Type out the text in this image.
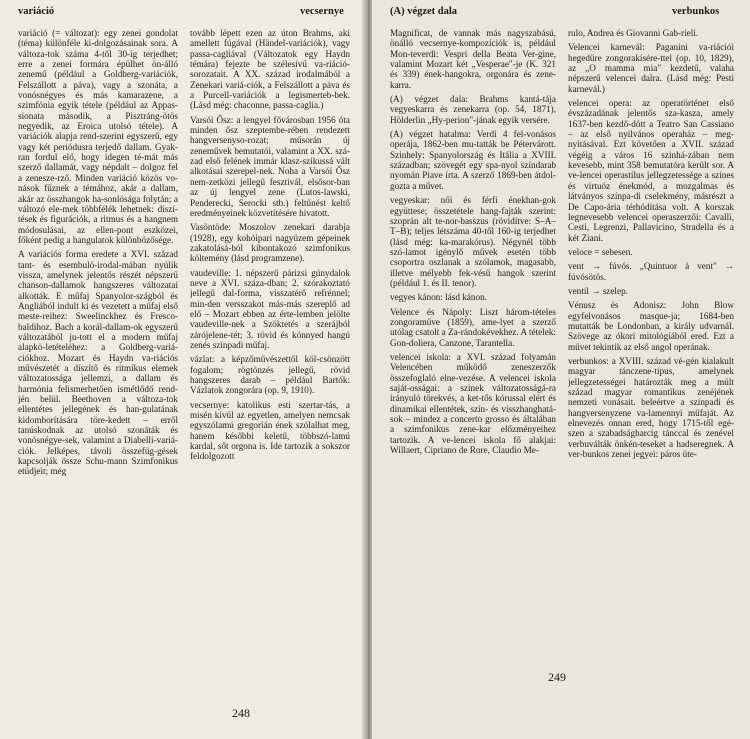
variáció	vecsernye

variáció (= változat): egy zenei gondolat (téma) különféle ki-dolgozásainak sora. A változa-tok száma 4-től 30-ig terjedhet; erre a zenei formára épülhet ön-álló zenemű (például a Goldberg-variációk, Felszállott a páva), vagy a szonáta, a vonósnégyes és más kamarazene, a szimfónia egyik tétele (például az Appas-sionata második, a Pisztráng-ötös negyedik, az Eroica utolsó tétele). A variációk alapja rend-szerint egyszerű, egy vagy két periódusra terjedő dallam. Gyak-ran fordul elő, hogy idegen té-mát más szerző dallamát, vagy népdalt – dolgoz fel a zenesze-rző. Minden variáció közös vo-nások fűznek a témához, akár a dallam, akár az összhangok ha-sonlósága folytán; a változó ele-mek többfélék lehetnek: díszí-tések és figurációk, a ritmus és a hangnem módosulásai, az ellen-pont eszközei, főként pedig a hangulatok különbözősége.

A variációs forma eredete a XVI. század tant- és esembuló-irodal-mában nyúlik vissza, amelynek jelentős részét népszerű chanson-dallamok hangszeres változatai alkották. E műfaj Spanyolor-szágból és Angliából indult ki és vezetett a műfaj első meste-reihez: Sweelinckhez és Fresco-baldihoz. Bach a korál-dallam-ok egyszerű változatából ju-tott el a modern műfaj alapkö-letételéhez: a Goldberg-variá-ciókhoz. Mozart és Haydn va-riációs művészetét a díszítő és ritmikus elemek változatossága jellemzi, a dallam és harmónia felismerhetően ismétlődő rend-jén belül. Beethoven a változa-tok ellentétes jellegének és han-gulatának kidomborítására töre-kedett – erről tanúskodnak az utolsó szonáták és vonósnégye-sek, valamint a Diabelli-variá-ciók. Jelképes, távoli összefüg-gések kapcsolják össze Schu-mann Szimfonikus etüdjeit; még

tovább lépett ezen az úton Brahms, aki amellett fúgával (Händel-variációk), vagy passa-cagliával (Változatok egy Haydn témára) fejezte be szélesívű va-riáció-sorozatait. A XX. század irodalmából a Zenekari variá-ciók, a Felszállott a páva és a Purcell-variációk a legismerteb-bek. (Lásd még: chaconne, passa-caglia.)

Varsói Ősz: a lengyel fővárosban 1956 óta minden ősz szeptembe-rében rendezett hangversenyso-rozat; műsorán új zeneművek bemutatói, valamint a XX. szá-zad első felének immár klasz-szikussá vált alkotásai szerepel-nek. Noha a Varsói Ősz nem-zetközi jellegű fesztivál, elsősor-ban az új lengyel zene (Lutos-lawski, Penderecki, Serocki stb.) feltűnést keltő eredményeinek közvetítésére hivatott.

Vasöntöde: Moszolov zenekari darabja (1928), egy kohóipari nagyüzem gépeinek zakatolásá-ból kibontakozó szimfonikus költemény (lásd programzene).

vaudeville: 1. népszerű párizsi gúnydalok neve a XVI. száza-dban; 2. szórakoztató jellegű dal-forma, visszatérő refrénnel; min-den versszakot más-más szereplő ad elő – Mozart ebben az érte-lemben jelölte vaudeville-nek a Szöktetés a szerájból zárójelene-tét; 3. rövid és könnyed hangú zenés színpadi műfaj.

vázlat: a képzőművészettől köl-csönzött fogalom; rögtönzés jellegű, rövid hangszeres darab – például Bartók: Vázlatok zongorára (op. 9, 1910).

vecsernye: katolikus esti szertar-tás, a misén kívül az egyetlen, amelyen nemcsak egyszólamú gregorián ének szólalhat meg, hanem későbbi keletű, többszó-lamú kardal, sőt orgona is. Ide tartozik a sokszor feldolgozott

248
(A) végzet dala	verbunkos

Magnificat, de vannak más nagyszabású, önálló vecsernye-kompozíciók is, például Mon-teverdi: Vespri della Beata Ver-gine, valamint Mozart két „Vesperae"-je (K. 321 és 339) ének-hangokra, orgonára és zene-karra.

(A) végzet dala: Brahms kantá-tája vegyeskarra és zenekarra (op. 54, 1871), Hölderlin „Hy-perion"-jának egyik versére.

(A) végzet hatalma: Verdi 4 fel-vonásos operája, 1862-ben mu-tatták be Pétervárott. Szinhely: Spanyolország és Itália a XVIII. században; szövegét egy spa-nyol színdarab nyomán Piave írta. A szerző 1869-ben átdol-gozta a művet.

vegyeskar: női és férfi énekhan-gok együttese; összetétele hang-fajták szerint: szoprán alt te-nor-basszus (rövidítve: S–A–T–B); teljes létszáma 40-től 160-ig terjedhet (lásd még: ka-marakórus). Négynél több szó-lamot igénylő művek esetén több csoportra oszlanak a szólamok, magasabb, illetve mélyebb fek-vésű hangok szerint (például 1. és II. tenor).

vegyes kánon: lásd kánon.

Velence és Nápoly: Liszt három-tételes zongoraműve (1859), ame-lyet a szerző utólag csatolt a Za-rándokévekhez. A tételek: Gon-doliera, Canzone, Tarantella.

velencei iskola: a XVI. század folyamán Velencében működő zeneszerzők összefoglaló elne-vezése. A velencei iskola saját-osságai: a szinek változatosságá-ra irányuló törekvés, a ket-tős kórussal elért és dinamikai ellentétek, szín- és visszhanghatá-sok – mindez a concerto grosso és általában a szimfonikus zene-kar előzményeihez tartozik. A ve-lencei iskola fő alakjai: Willaert, Cipriano de Rore, Claudio Me-

rulo, Andrea és Giovanni Gab-rieli.

Velencei karnevál: Paganini va-riációi hegedűre zongorakísére-ttel (op. 10, 1829), az „O mamma mia" kezdetű, valaha népszerű velencei dalra. (Lásd még: Pesti karnevál.)

velencei opera: az operatörténet első évszázadának jelentős sza-kasza, amely 1637-ben kezdő-dött a Teatro San Cassiano – az első nyilvános operaház – meg-nyitásával. Ezt követően a XVII. század végéig a város 16 szinhá-zában nem kevesebb, mint 358 bemutatóra került sor. A ve-lencei operastílus jellegzetessége a színes és virtuóz énekmód, a mozgalmas és látványos színpa-di cselekmény, másrészt a De Capo-ária térhódítása volt. A korszak legnevesebb velencei operaszerzői: Cavalli, Cesti, Legrenzi, Pallavicino, Stradella és a két Ziani.

veloce = sebesen.

vent → fúvós. „Quintuor à vent" → fúvósötös.

ventil → szelep.

Vénusz és Adonisz: John Blow egyfelvonásos masque-ja; 1684-ben mutatták be Londonban, a király udvarnál. Szövege az ókori mitológiából ered. Ezt a művet tekintik az első angol operának.

verbunkos: a XVIII. század vé-gén kialakult magyar tánczene-típus, amelynek jellegzetességei határozták meg a múlt század magyar romantikus zenéjének nemzeti vonásait. beleértve a színpadi és hangversenyzene va-lamennyi műfaját. Az elnevezés onnan ered, hogy 1715-től egé-szen a szabadságharcig tánccal és zenével verbuválták önkén-teseket a hadseregnek. A ver-bunkos zenei jegyei: páros üte-

249
